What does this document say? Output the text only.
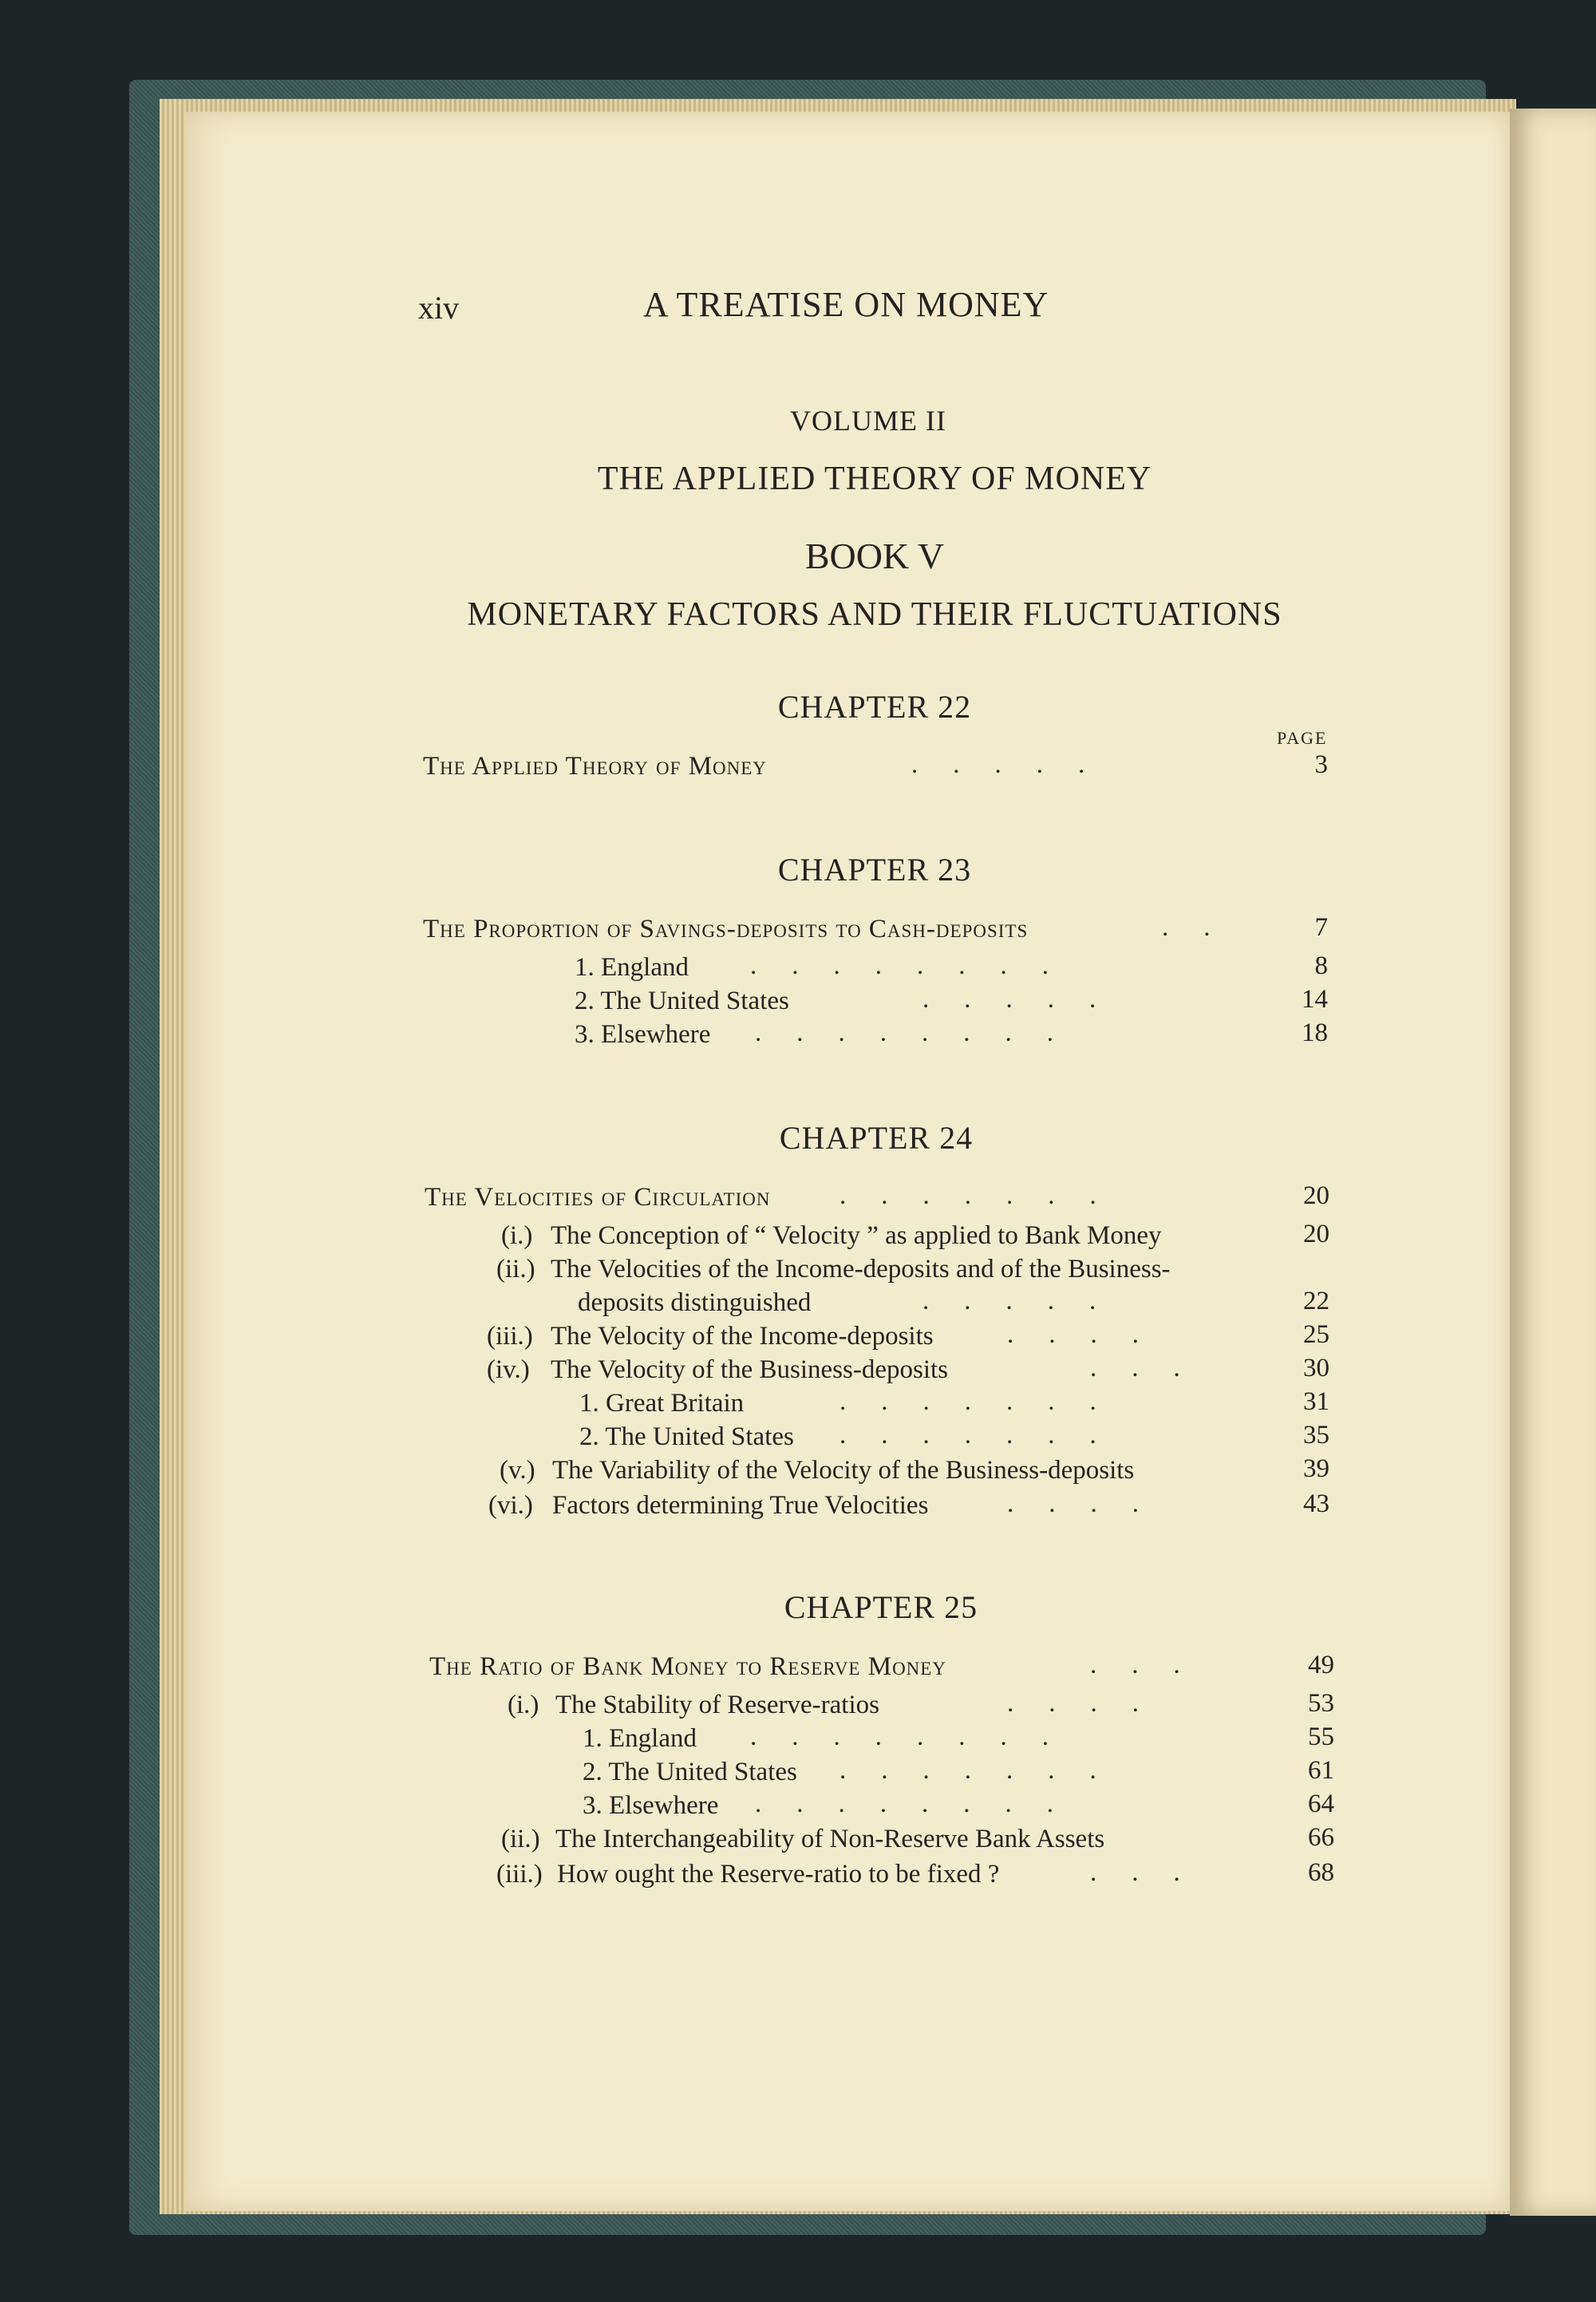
xiv	A TREATISE ON MONEY
VOLUME II
THE APPLIED THEORY OF MONEY
BOOK V
MONETARY FACTORS AND THEIR FLUCTUATIONS
CHAPTER 22
PAGE
The Applied Theory of Money	.....	3
CHAPTER 23
The Proportion of Savings-deposits to Cash-deposits	..	7
1. England ........	8
2. The United States	.....	14
3. Elsewhere ........	18
CHAPTER 24
The Velocities of Circulation	.......	20
(i.) The Conception of “ Velocity ” as applied to Bank Money	20
(ii.) The Velocities of the Income-deposits and of the Business-
deposits distinguished	.....	22
(iii.) The Velocity of the Income-deposits	....	25
(iv.) The Velocity of the Business-deposits	...	30
1. Great Britain	.......	31
2. The United States .......	35
(v.) The Variability of the Velocity of the Business-deposits	39
(vi.) Factors determining True Velocities	....	43
CHAPTER 25
The Ratio of Bank Money to Reserve Money	...	49
(i.) The Stability of Reserve-ratios	....	53
1. England ........	55
2. The United States .......	61
3. Elsewhere ........	64
(ii.) The Interchangeability of Non-Reserve Bank Assets	66
(iii.) How ought the Reserve-ratio to be fixed ?	...	68
